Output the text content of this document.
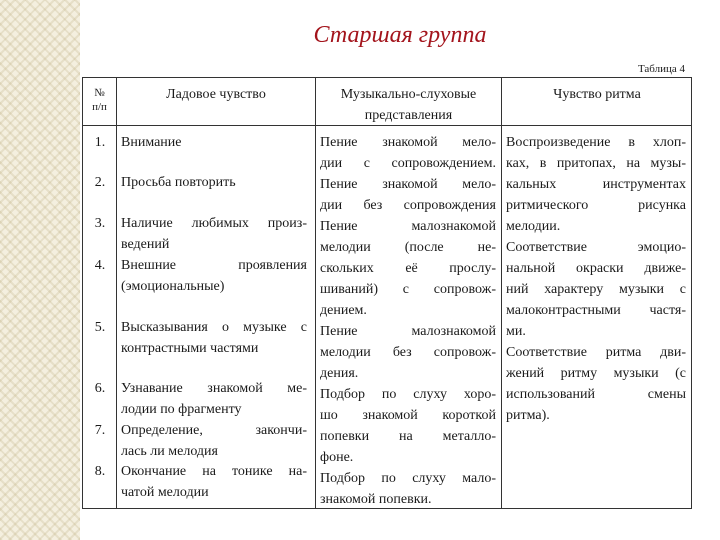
Старшая группа
Таблица 4
№
п/п
Ладовое чувство	Музыкально-слуховые
представления
Чувство ритма
1.
2.
3.
4.
5.
6.
7.
8.
Внимание
Просьба повторить
Наличие любимых произ-
ведений
Внешние проявления
(эмоциональные)
Высказывания о музыке с
контрастными частями
Узнавание знакомой ме-
лодии по фрагменту
Определение, закончи-
лась ли мелодия
Окончание на тонике на-
чатой мелодии
Пение знакомой мело-
дии с сопровождением.
Пение знакомой мело-
дии без сопровождения
Пение малознакомой
мелодии (после не-
скольких её прослу-
шиваний) с сопровож-
дением.
Пение малознакомой
мелодии без сопровож-
дения.
Подбор по слуху хоро-
шо знакомой короткой
попевки на металло-
фоне.
Подбор по слуху мало-
знакомой попевки.
Воспроизведение в хлоп-
ках, в притопах, на музы-
кальных инструментах
ритмического рисунка
мелодии.
Соответствие эмоцио-
нальной окраски движе-
ний характеру музыки с
малоконтрастными частя-
ми.
Соответствие ритма дви-
жений ритму музыки (с
использований смены
ритма).
